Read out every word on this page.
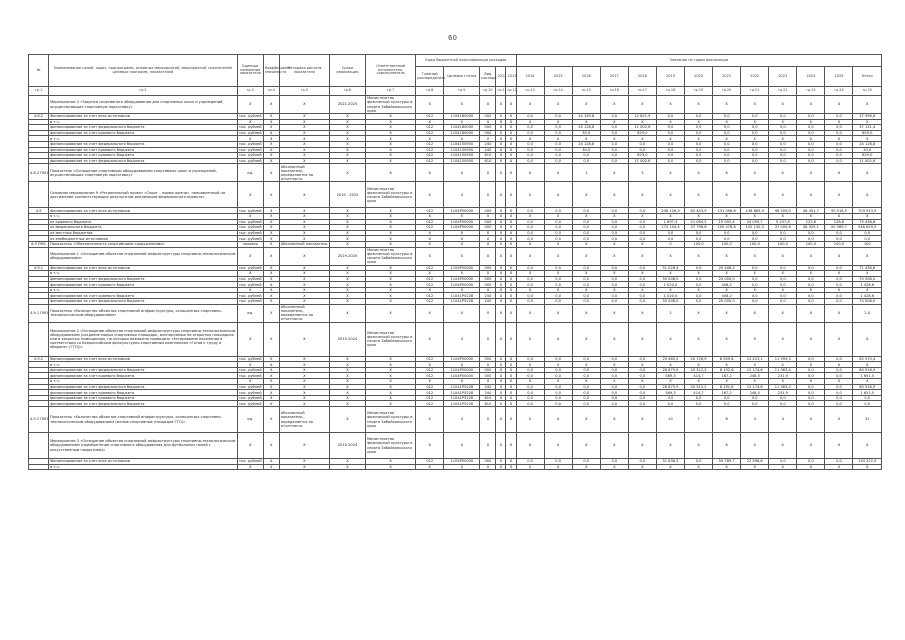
60
№	Наименование целей, задач, подпрограмм, основных мероприятий, мероприятий, показателей целевых программ, показателей	Единица измерения показателя	Коэффициент значимости	Методика расчета показателя	Сроки реализации	Ответственный исполнитель, соисполнитель	Коды бюджетной классификации расходов					Значения по годам реализации												
							Главный распорядитель	Целевая статья	Вид расхода	2012	2013	2014	2015	2016	2017	2018	2019	2020	2021	2022	2023	2024	2025	Итого
гр.1	гр.2	гр.3	гр.4	гр.5	гр.6	гр.7	гр.8	гр.9	гр.10	гр.11	гр.12	гр.13	гр.14	гр.15	гр.16	гр.17	гр.18	гр.19	гр.20	гр.21	гр.22	гр.23	гр.24	гр.25
	Мероприятие 2 «Закупка спортивного оборудования для спортивных школ и учреждений, осуществляющих спортивную подготовку»	X	X	X	2021-2025	Министерство физической культуры и спорта Забайкальского края	X	X	X	X	X	X	X	X	X	X	X	X	X	X	X	X	X	X
4.8.2	Финансирование за счет всех источников	тыс. рублей	X	X	X	X	012	1104180000	000	X	X	0,0	0,0	24 159,8	0,0	12 821,9	0,0	0,0	0,0	0,0	0,0	0,0	0,0	37 998,8
	в т.ч.	X	X	X	X	X	X	X	X	X	X	X	X	X	X	X	X	X	X	X	X	X	X	X
	финансирование за счет федерального бюджета	тыс. рублей	X	X	X	X	012	1104180000	000	X	X	0,0	0,0	24 128,8	0,0	11 002,6	0,0	0,0	0,0	0,0	0,0	0,0	0,0	37 131,4
	финансирование за счет краевого бюджета	тыс. рублей	X	X	X	X	012	1104180000	000	X	X	0,0	0,0	30,0	0,0	829,0	0,0	0,0	0,0	0,0	0,0	0,0	0,0	859,0
	в т.ч.	X	X	X	X	X	X	X	X	X	X	X	X	X	X	X	X	X	X	X	X	X	X	X
	финансирование за счет федерального бюджета	тыс. рублей	X	X	X	X	012	1104150950	240	X	X	0,0	0,0	24 128,8	0,0	0,0	0,0	0,0	0,0	0,0	0,0	0,0	0,0	24 128,8
	финансирование за счет краевого бюджета	тыс. рублей	X	X	X	X	012	1104150950	240	X	X	0,0	0,0	30,0	0,0	0,0	0,0	0,0	0,0	0,0	0,0	0,0	0,0	30,0
	финансирование за счет краевого бюджета	тыс. рублей	X	X	X	X	012	1104150950	610	X	X	0,0	0,0	0,0	0,0	829,0	0,0	0,0	0,0	0,0	0,0	0,0	0,0	829,0
	финансирование за счет федерального бюджета	тыс. рублей	X	X	X	X	012	1104150950	610	X	X	0,0	0,0	0,0	0,0	11 002,6	0,0	0,0	0,0	0,0	0,0	0,0	0,0	11 002,6
4.8.2 ПМ1	Показатель «Оснащение спортивным оборудованием спортивных школ и учреждений, осуществляющих спортивную подготовку»	ед.	X	Абсолютный показатель, определяется по отчетности	X	X	X	X	X	X	X	X	X	1	X	3	X	X	X	X	X	X	X	X
	Основное мероприятие 9 «Региональный проект «Спорт – норма жизни», направленный на достижение соответствующих результатов реализации федерального проекта»	X	X	X	2019 - 2025	Министерство физической культуры и спорта Забайкальского края	X	X	X	X	X	X	X	X	X	X	X	X	X	X	X	X	X	X
4.9	Финансирование за счет всех источников	тыс. рублей	X	X	X	X	012	1104P50000	000	X	X	0,0	0,0	0,0	0,0	0,0	208 126,3	82 443,9	131 098,6	136 865,9	46 509,0	48 451,7	50 518,5	703 913,9
	в т.ч.	X	X	X	X	X	X	X	X	X	X	X	X	X	X	X	X	X	X	X	X	X	X	X
	из краевого бюджета	тыс. рублей	X	X	X	X	012	1104P50000	000	X	X	0,0	0,0	0,0	0,0	0,0	1 697,3	21 064,2	19 092,4	24 095,7	9 237,8	122,6	128,8	75 438,8
	из федерального бюджета	тыс. рублей	X	X	X	X	012	1104P50000	000	X	X	0,0	0,0	0,0	0,0	0,0	173 104,4	37 796,6	100 078,8	102 130,3	37 000,6	48 329,1	50 389,7	548 829,5
	из местных бюджетов	тыс. рублей	X	X	X	X	X	X	X	X	X	0,0	0,0	0,0	0,0	0,0	0,0	0,0	0,0	0,0	0,0	0,0	0,0	0,0
	из внебюджетных источников	тыс. рублей	X	X	X	X	X	X	X	X	X	0,0	0,0	0,0	0,0	0,0	0,0	0,0	0,0	0,0	0,0	0,0	0,0	0,0
4.9 ПМ1	Показатель «Обеспеченность спортивными сооружениями»	человек	X	Абсолютный показатель	X	X	X	X	X	X	X	X	X	X	X	X	0	100,0	100,0	100,0	100,0	100,0	100,0	100
	Мероприятие 1 «Оснащение объектов спортивной инфраструктуры спортивно-технологическим оборудованием»	X	X	X	2019-2020	Министерство физической культуры и спорта Забайкальского края	X	X	X	X	X	X	X	X	X	X	X	X	X	X	X	X	X	X
4.9.1	Финансирование за счет всех источников	тыс. рублей	X	X	X	X	012	1104P50000	000	X	X	0,0	0,0	0,0	0,0	0,0	51 028,4	0,0	20 408,2	0,0	0,0	0,0	0,0	71 436,6
	в т.ч.	X	X	X	X	X	X	X	X	X	X	X	X	X	X	X	X	X	X	X	X	X	X	X
	финансирование за счет федерального бюджета	тыс. рублей	X	X	X	X	012	1104P50000	000	X	X	0,0	0,0	0,0	0,0	0,0	50 008,0	0,0	20 000,0	0,0	0,0	0,0	0,0	70 008,0
	финансирование за счет краевого бюджета	тыс. рублей	X	X	X	X	012	1104P50000	000	X	X	0,0	0,0	0,0	0,0	0,0	1 020,4	0,0	408,2	0,0	0,0	0,0	0,0	1 428,6
	в т.ч.	X	X	X	X	X	X	X	X	X	X	X	X	X	X	X	X	X	X	X	X	X	X	X
	финансирование за счет краевого бюджета	тыс. рублей	X	X	X	X	012	11041P5228	240	X	X	0,0	0,0	0,0	0,0	0,0	1 020,4	0,0	408,2	0,0	0,0	0,0	0,0	1 428,6
	финансирование за счет федерального бюджета	тыс. рублей	X	X	X	X	012	11041P5228	240	X	X	0,0	0,0	0,0	0,0	0,0	50 008,0	0,0	20 000,0	0,0	0,0	0,0	0,0	70 008,0
4.9.1 ПМ1	Показатель «Количество объектов спортивной инфраструктуры, оснащенных спортивно-технологическим оборудованием»	ед.	X	Абсолютный показатель, определяется по отчетности	X	X	X	X	X	X	X	X	X	X	X	X	2	X	X	X	X	X	X	2,0
	Мероприятие 2 «Оснащение объектов спортивной инфраструктуры спортивно-технологическим оборудованием (создание малых спортивных площадок, монтируемых на открытых площадках или в закрытых помещениях, на которых возможно проводить тестирование населения в соответствии со Всероссийским физкультурно-спортивным комплексом «Готов к труду и обороне» (ГТО))»	X	X	X	2019-2024	Министерство физической культуры и спорта Забайкальского края	X	X	X	X	X	X	X	X	X	X	X	X	X	X	X	X	X	X
4.9.2	Финансирование за счет всех источников	тыс. рублей	X	X	X	X	012	1104P50000	000	X	X	0,0	0,0	0,0	0,0	0,0	29 465,2	20 726,9	8 359,8	12 423,1	11 595,3	0,0	0,0	82 570,4
	в т.ч.	X	X	X	X	X	X	X	X	X	X	X	X	X	X	X	X	X	X	X	X	X	X	X
	финансирование за счет федерального бюджета	тыс. рублей	X	X	X	X	012	1104P50000	000	X	X	0,0	0,0	0,0	0,0	0,0	28 875,9	20 312,2	8 192,6	12 174,6	11 363,4	0,0	0,0	80 918,9
	финансирование за счет краевого бюджета	тыс. рублей	X	X	X	X	012	1104P50000	000	X	X	0,0	0,0	0,0	0,0	0,0	589,3	414,7	167,2	248,5	231,9	0,0	0,0	1 651,5
	в т.ч.	X	X	X	X	X	X	X	X	X	X	X	X	X	X	X	X	X	X	X	X	X	X	X
	финансирование за счет федерального бюджета	тыс. рублей	X	X	X	X	012	11041P5228	240	X	X	0,0	0,0	0,0	0,0	0,0	28 875,9	20 312,2	8 192,6	12 174,6	11 363,4	0,0	0,0	80 918,9
	финансирование за счет краевого бюджета	тыс. рублей	X	X	X	X	012	11041P5228	240	X	X	0,0	0,0	0,0	0,0	0,0	589,3	414,7	167,2	248,5	231,9	0,0	0,0	1 651,5
	финансирование за счет краевого бюджета	тыс. рублей	X	X	X	X	012	11041P5228	610	X	X	0,0	0,0	0,0	0,0	0,0	0,0	0,0	0,0	0,0	0,0	0,0	0,0	0,0
	финансирование за счет федерального бюджета	тыс. рублей	X	X	X	X	012	11041P5228	610	X	X	0,0	0,0	0,0	0,0	0,0	0,0	0,0	0,0	0,0	0,0	0,0	0,0	0,0
4.9.2 ПМ1	Показатель «Количество объектов спортивной инфраструктуры, оснащенных спортивно-технологическим оборудованием (малые спортивные площадки ГТО)»	ед.	X	Абсолютный показатель, определяется по отчетности	X	Министерство физической культуры и спорта Забайкальского края	X	X	X	X	X	X	X	X	X	X	10	7	6	4	4	X	X	31
	Мероприятие 3 «Оснащение объектов спортивной инфраструктуры спортивно-технологическим оборудованием (приобретение спортивного оборудования для футбольных полей с искусственным покрытием)»	X	X	X	2019-2024	Министерство физической культуры и спорта Забайкальского края	X	X	X	X	X	X	X	X	X	X	X	X	X	X	X	X	X	X
	Финансирование за счет всех источников	тыс. рублей	X	X	X	X	012	1104P50000	000	X	X	0,0	0,0	0,0	0,0	0,0	51 836,3	0,0	59 789,7	22 596,6	0,0	0,0	0,0	134 222,5
	в т.ч.	X	X	X	X	X	X	X	X	X	X	X	X	X	X	X	X	X	X	X	X	X	X	X
